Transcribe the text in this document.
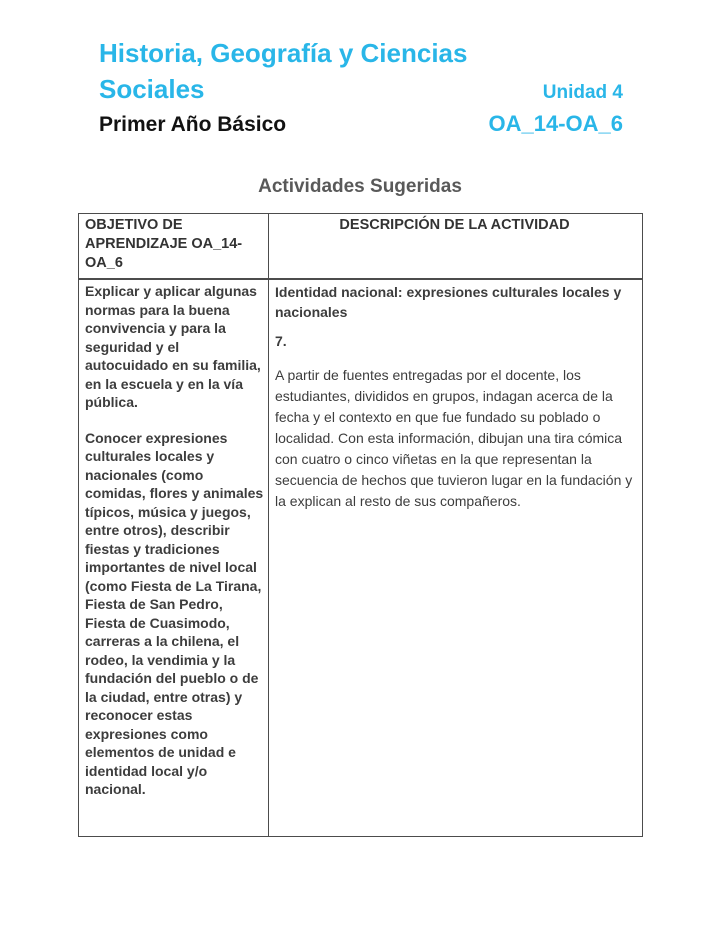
Historia, Geografía y Ciencias
Sociales	Unidad 4
Primer Año Básico	OA_14-OA_6
Actividades Sugeridas
OBJETIVO DE APRENDIZAJE OA_14-OA_6
DESCRIPCIÓN DE LA ACTIVIDAD

Explicar y aplicar algunas normas para la buena convivencia y para la seguridad y el autocuidado en su familia, en la escuela y en la vía pública.

Conocer expresiones culturales locales y nacionales (como comidas, flores y animales típicos, música y juegos, entre otros), describir fiestas y tradiciones importantes de nivel local (como Fiesta de La Tirana, Fiesta de San Pedro, Fiesta de Cuasimodo, carreras a la chilena, el rodeo, la vendimia y la fundación del pueblo o de la ciudad, entre otras) y reconocer estas expresiones como elementos de unidad e identidad local y/o nacional.

Identidad nacional: expresiones culturales locales y nacionales

7.

A partir de fuentes entregadas por el docente, los estudiantes, divididos en grupos, indagan acerca de la fecha y el contexto en que fue fundado su poblado o localidad. Con esta información, dibujan una tira cómica con cuatro o cinco viñetas en la que representan la secuencia de hechos que tuvieron lugar en la fundación y la explican al resto de sus compañeros.
